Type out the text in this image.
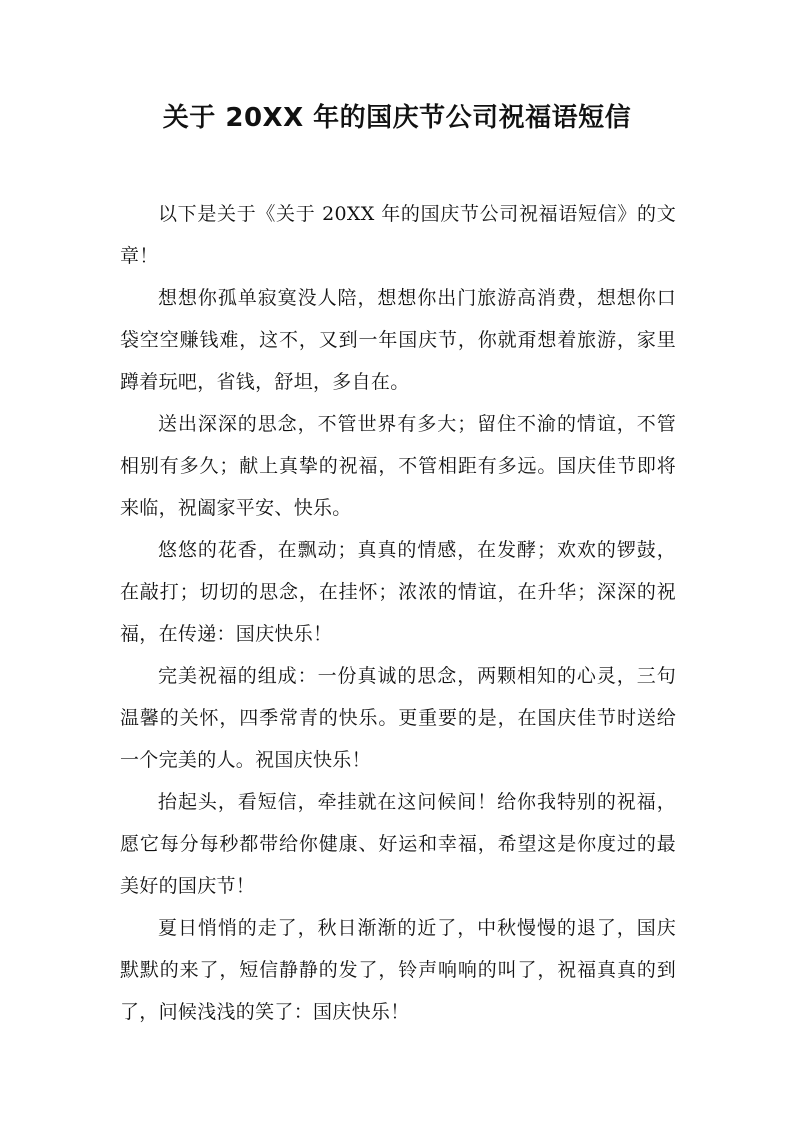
关于 20XX 年的国庆节公司祝福语短信

以下是关于《关于 20XX 年的国庆节公司祝福语短信》的文章！

想想你孤单寂寞没人陪，想想你出门旅游高消费，想想你口袋空空赚钱难，这不，又到一年国庆节，你就甭想着旅游，家里蹲着玩吧，省钱，舒坦，多自在。

送出深深的思念，不管世界有多大；留住不渝的情谊，不管相别有多久；献上真挚的祝福，不管相距有多远。国庆佳节即将来临，祝阖家平安、快乐。

悠悠的花香，在飘动；真真的情感，在发酵；欢欢的锣鼓，在敲打；切切的思念，在挂怀；浓浓的情谊，在升华；深深的祝福，在传递：国庆快乐！

完美祝福的组成：一份真诚的思念，两颗相知的心灵，三句温馨的关怀，四季常青的快乐。更重要的是，在国庆佳节时送给一个完美的人。祝国庆快乐！

抬起头，看短信，牵挂就在这问候间！给你我特别的祝福，愿它每分每秒都带给你健康、好运和幸福，希望这是你度过的最美好的国庆节！

夏日悄悄的走了，秋日渐渐的近了，中秋慢慢的退了，国庆默默的来了，短信静静的发了，铃声响响的叫了，祝福真真的到了，问候浅浅的笑了：国庆快乐！
